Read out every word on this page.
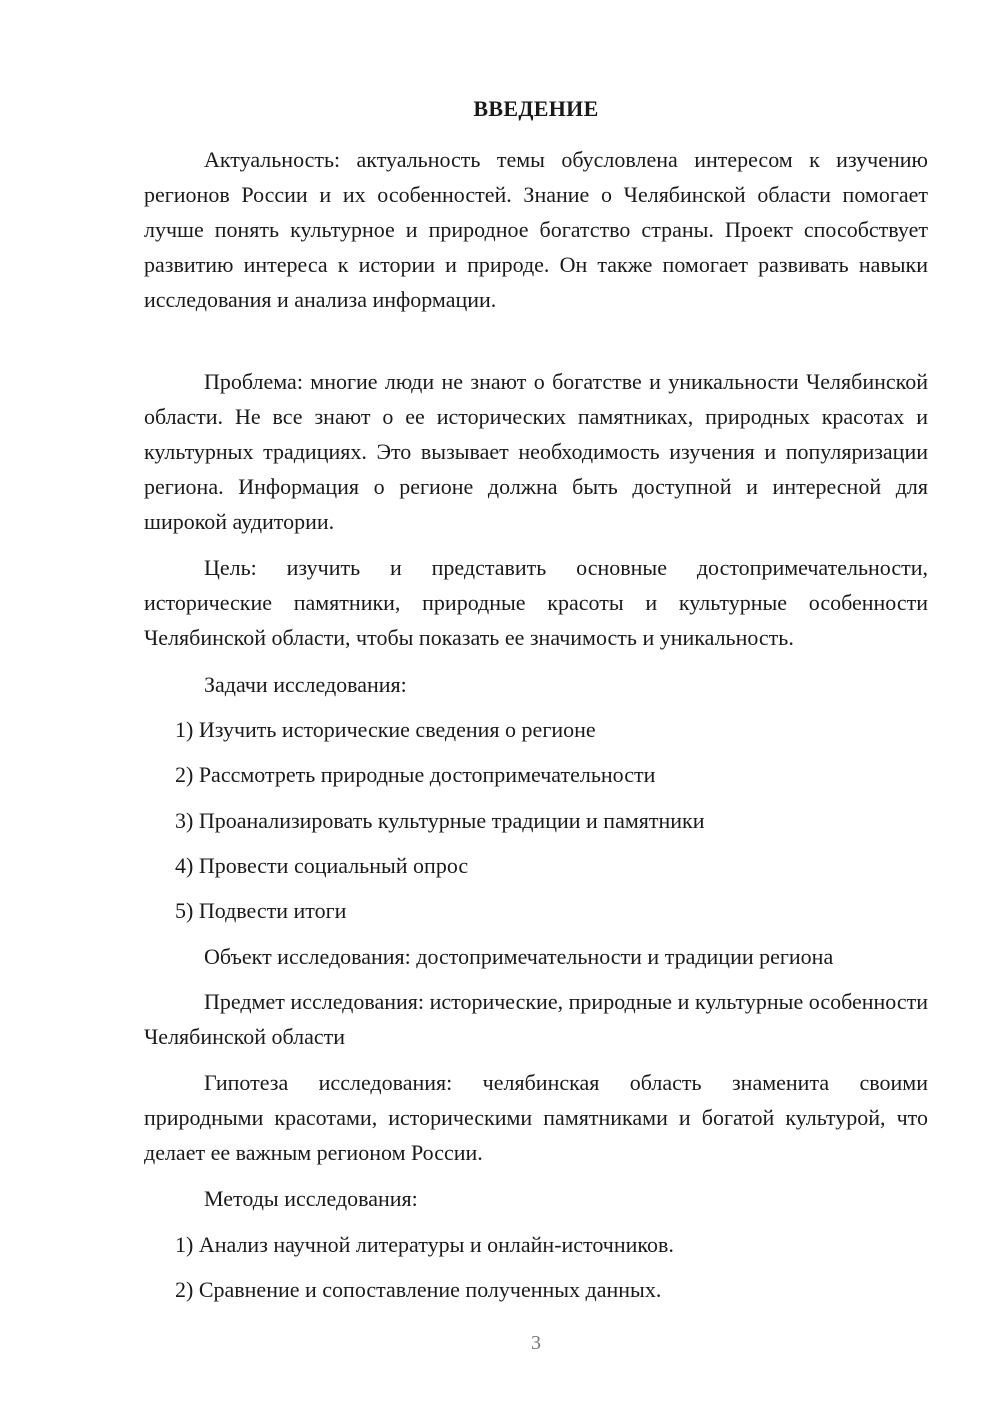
ВВЕДЕНИЕ

Актуальность: актуальность темы обусловлена интересом к изучению регионов России и их особенностей. Знание о Челябинской области помогает лучше понять культурное и природное богатство страны. Проект способствует развитию интереса к истории и природе. Он также помогает развивать навыки исследования и анализа информации.

Проблема: многие люди не знают о богатстве и уникальности Челябинской области. Не все знают о ее исторических памятниках, природных красотах и культурных традициях. Это вызывает необходимость изучения и популяризации региона. Информация о регионе должна быть доступной и интересной для широкой аудитории.

Цель: изучить и представить основные достопримечательности, исторические памятники, природные красоты и культурные особенности Челябинской области, чтобы показать ее значимость и уникальность.

Задачи исследования:
1) Изучить исторические сведения о регионе
2) Рассмотреть природные достопримечательности
3) Проанализировать культурные традиции и памятники
4) Провести социальный опрос
5) Подвести итоги
Объект исследования: достопримечательности и традиции региона

Предмет исследования: исторические, природные и культурные особенности Челябинской области

Гипотеза исследования: челябинская область знаменита своими природными красотами, историческими памятниками и богатой культурой, что делает ее важным регионом России.

Методы исследования:
1) Анализ научной литературы и онлайн-источников.
2) Сравнение и сопоставление полученных данных.
3
